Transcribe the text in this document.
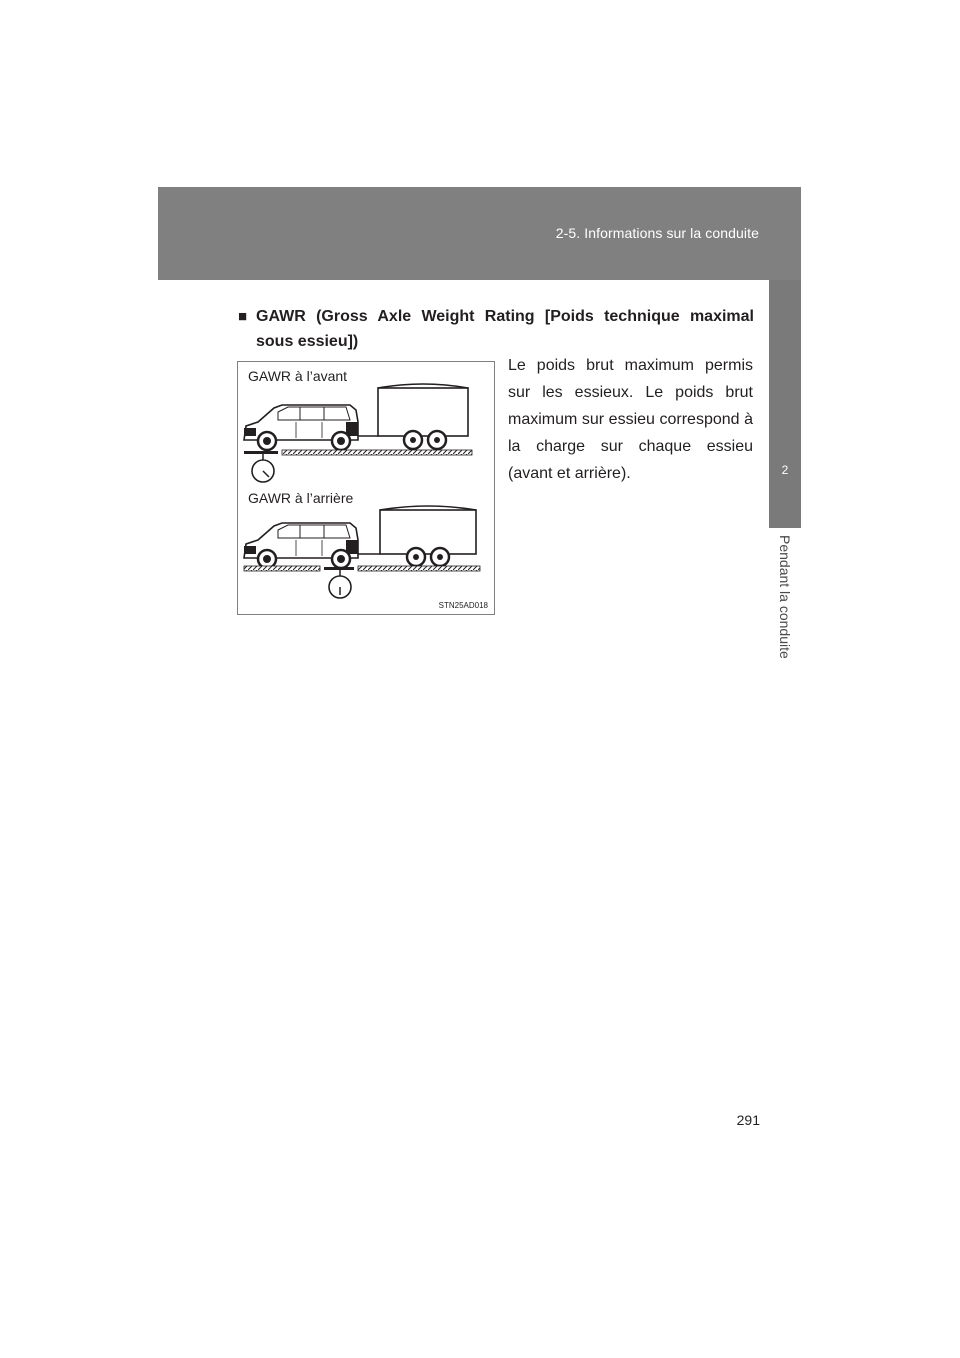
2-5. Informations sur la conduite
2
Pendant la conduite
■ GAWR (Gross Axle Weight Rating [Poids technique maximal sous essieu])
GAWR à l’avant
GAWR à l’arrière
STN25AD018
Le poids brut maximum permis sur les essieux. Le poids brut maximum sur essieu correspond à la charge sur chaque essieu (avant et arrière).
291
